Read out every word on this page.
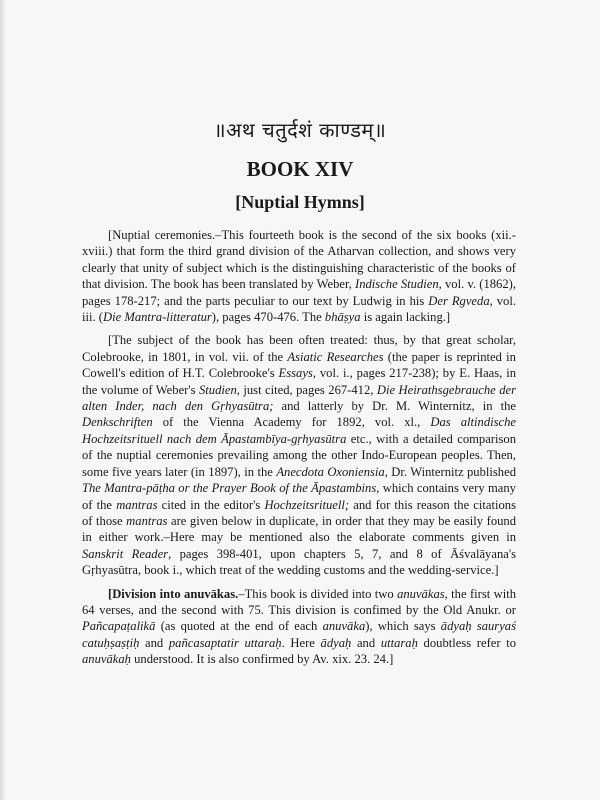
॥अथ चतुर्दशं काण्डम्॥
BOOK XIV
[Nuptial Hymns]

[Nuptial ceremonies.–This fourteeth book is the second of the six books (xii.-xviii.) that form the third grand division of the Atharvan collection, and shows very clearly that unity of subject which is the distinguishing characteristic of the books of that division. The book has been translated by Weber, Indische Studien, vol. v. (1862), pages 178-217; and the parts peculiar to our text by Ludwig in his Der Rgveda, vol. iii. (Die Mantra-litteratur), pages 470-476. The bhāṣya is again lacking.]

[The subject of the book has been often treated: thus, by that great scholar, Colebrooke, in 1801, in vol. vii. of the Asiatic Researches (the paper is reprinted in Cowell's edition of H.T. Colebrooke's Essays, vol. i., pages 217-238); by E. Haas, in the volume of Weber's Studien, just cited, pages 267-412, Die Heirathsgebrauche der alten Inder, nach den Gṛhyasūtra; and latterly by Dr. M. Winternitz, in the Denkschriften of the Vienna Academy for 1892, vol. xl., Das altindische Hochzeitsrituell nach dem Āpastambīya-gṛhyasūtra etc., with a detailed comparison of the nuptial ceremonies prevailing among the other Indo-European peoples. Then, some five years later (in 1897), in the Anecdota Oxoniensia, Dr. Winternitz published The Mantra-pāṭha or the Prayer Book of the Āpastambins, which contains very many of the mantras cited in the editor's Hochzeitsrituell; and for this reason the citations of those mantras are given below in duplicate, in order that they may be easily found in either work.–Here may be mentioned also the elaborate comments given in Sanskrit Reader, pages 398-401, upon chapters 5, 7, and 8 of Āśvalāyana's Gṛhyasūtra, book i., which treat of the wedding customs and the wedding-service.]

[Division into anuvākas.–This book is divided into two anuvākas, the first with 64 verses, and the second with 75. This division is confimed by the Old Anukr. or Pañcapaṭalikā (as quoted at the end of each anuvāka), which says ādyaḥ sauryaś catuḥṣaṣṭiḥ and pañcasaptatir uttaraḥ. Here ādyaḥ and uttaraḥ doubtless refer to anuvākaḥ understood. It is also confirmed by Av. xix. 23. 24.]
